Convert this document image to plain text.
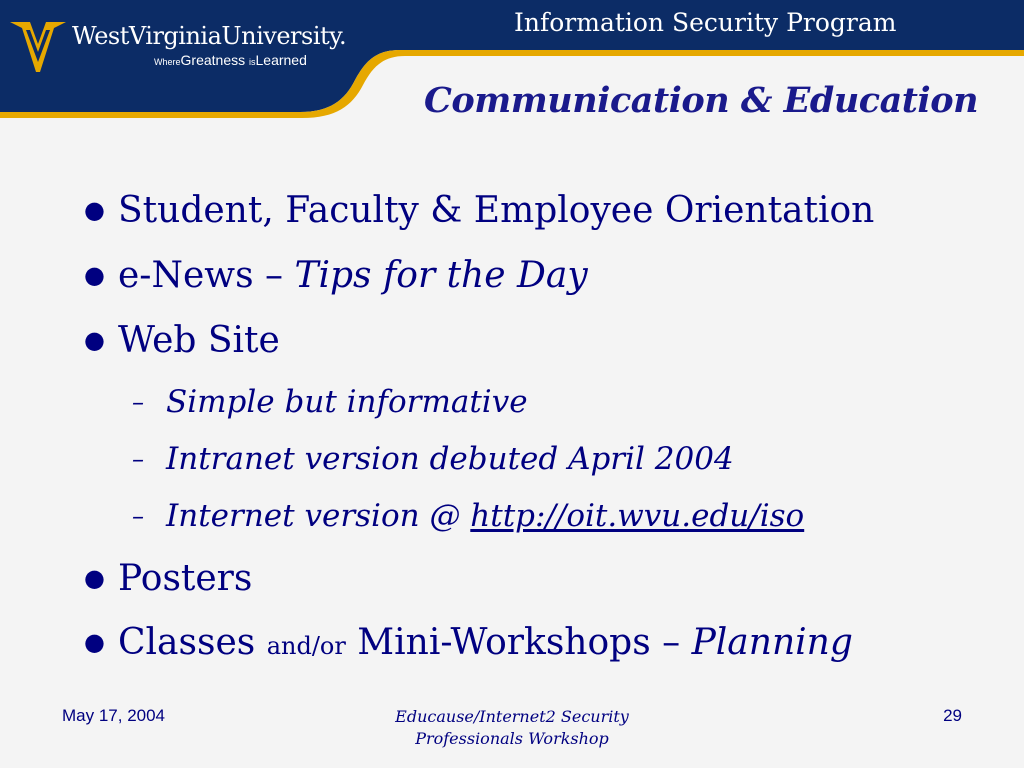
WestVirginiaUniversity.
WhereGreatness isLearned
Information Security Program
Communication & Education
● Student, Faculty & Employee Orientation
● e-News – Tips for the Day
● Web Site
– Simple but informative
– Intranet version debuted April 2004
– Internet version @ http://oit.wvu.edu/iso
● Posters
● Classes and/or Mini-Workshops – Planning
May 17, 2004	Educause/Internet2 Security
Professionals Workshop
29
